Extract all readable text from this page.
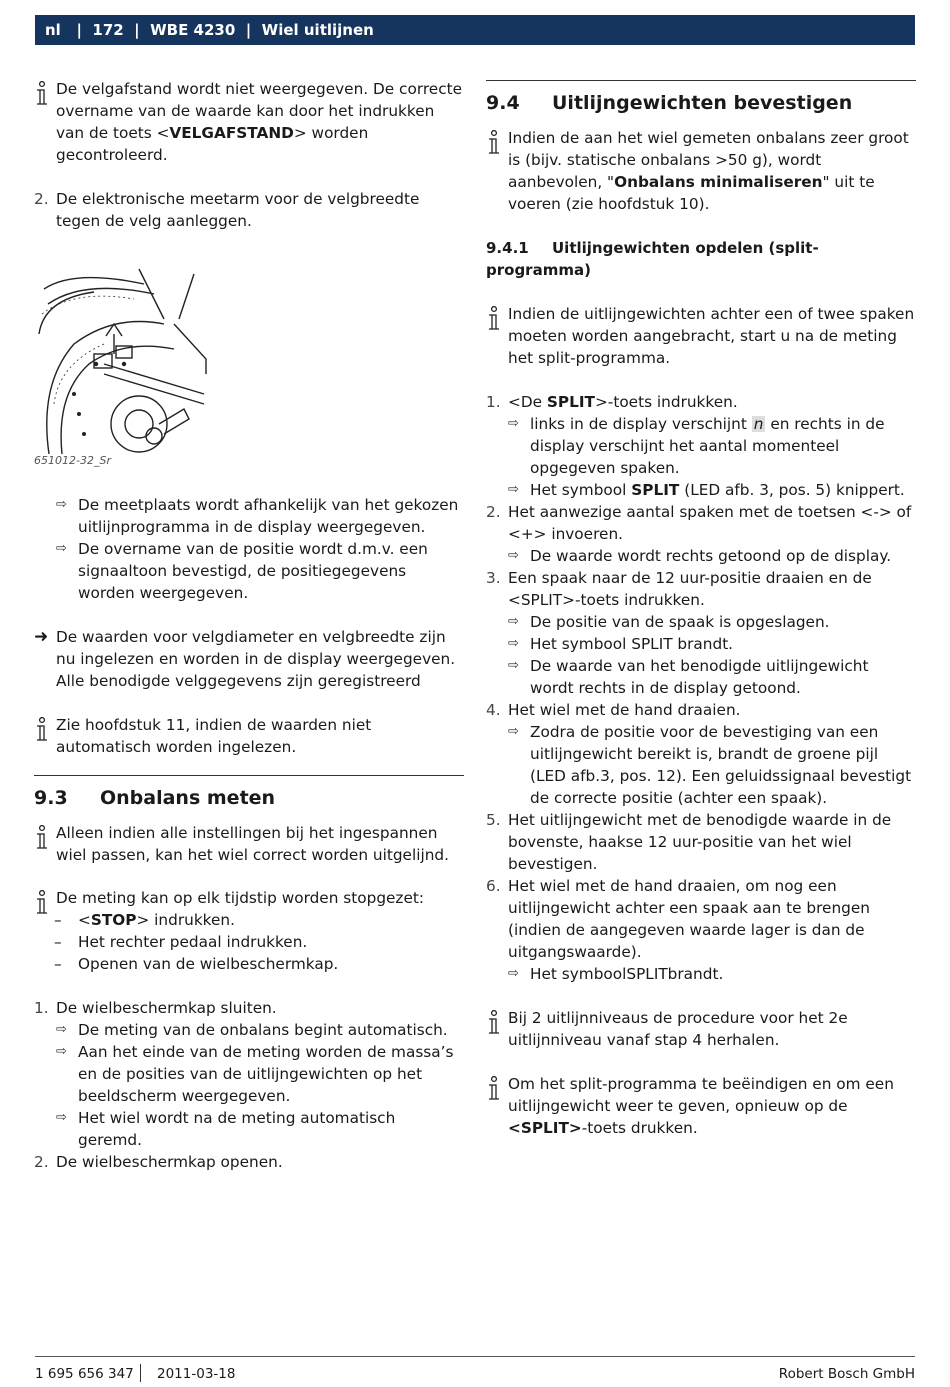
nl   |  172  |  WBE 4230  |  Wiel uitlijnen
De velgafstand wordt niet weergegeven. De correcte overname van de waarde kan door het indrukken van de toets <VELGAFSTAND> worden gecontroleerd.
2. De elektronische meetarm voor de velgbreedte tegen de velg aanleggen.
651012-32_Sr
⇨ De meetplaats wordt afhankelijk van het gekozen uitlijnprogramma in de display weergegeven.
⇨ De overname van de positie wordt d.m.v. een signaaltoon bevestigd, de positiegegevens worden weergegeven.
➜ De waarden voor velgdiameter en velgbreedte zijn nu ingelezen en worden in de display weergegeven. Alle benodigde velggegevens zijn geregistreerd
Zie hoofdstuk 11, indien de waarden niet automatisch worden ingelezen.
9.3 Onbalans meten
Alleen indien alle instellingen bij het ingespannen wiel passen, kan het wiel correct worden uitgelijnd.
De meting kan op elk tijdstip worden stopgezet:
– <STOP> indrukken.
– Het rechter pedaal indrukken.
– Openen van de wielbeschermkap.
1. De wielbeschermkap sluiten.
⇨ De meting van de onbalans begint automatisch.
⇨ Aan het einde van de meting worden de massa’s en de posities van de uitlijngewichten op het beeldscherm weergegeven.
⇨ Het wiel wordt na de meting automatisch geremd.
2. De wielbeschermkap openen.
9.4 Uitlijngewichten bevestigen
Indien de aan het wiel gemeten onbalans zeer groot is (bijv. statische onbalans >50 g), wordt aanbevolen, "Onbalans minimaliseren" uit te voeren (zie hoofdstuk 10).
9.4.1 Uitlijngewichten opdelen (split-programma)
Indien de uitlijngewichten achter een of twee spaken moeten worden aangebracht, start u na de meting het split-programma.
1. <De SPLIT>-toets indrukken.
⇨ links in de display verschijnt n en rechts in de display verschijnt het aantal momenteel opgegeven spaken.
⇨ Het symbool SPLIT (LED afb. 3, pos. 5) knippert.
2. Het aanwezige aantal spaken met de toetsen <-> of <+> invoeren.
⇨ De waarde wordt rechts getoond op de display.
3. Een spaak naar de 12 uur-positie draaien en de <SPLIT>-toets indrukken.
⇨ De positie van de spaak is opgeslagen.
⇨ Het symbool SPLIT brandt.
⇨ De waarde van het benodigde uitlijngewicht wordt rechts in de display getoond.
4. Het wiel met de hand draaien.
⇨ Zodra de positie voor de bevestiging van een uitlijngewicht bereikt is, brandt de groene pijl (LED afb.3, pos. 12). Een geluidssignaal bevestigt de correcte positie (achter een spaak).
5. Het uitlijngewicht met de benodigde waarde in de bovenste, haakse 12 uur-positie van het wiel bevestigen.
6. Het wiel met de hand draaien, om nog een uitlijngewicht achter een spaak aan te brengen (indien de aangegeven waarde lager is dan de uitgangswaarde).
⇨ Het symboolSPLITbrandt.
Bij 2 uitlijnniveaus de procedure voor het 2e uitlijnniveau vanaf stap 4 herhalen.
Om het split-programma te beëindigen en om een uitlijngewicht weer te geven, opnieuw op de <SPLIT>-toets drukken.
1 695 656 347 2011-03-18	Robert Bosch GmbH
